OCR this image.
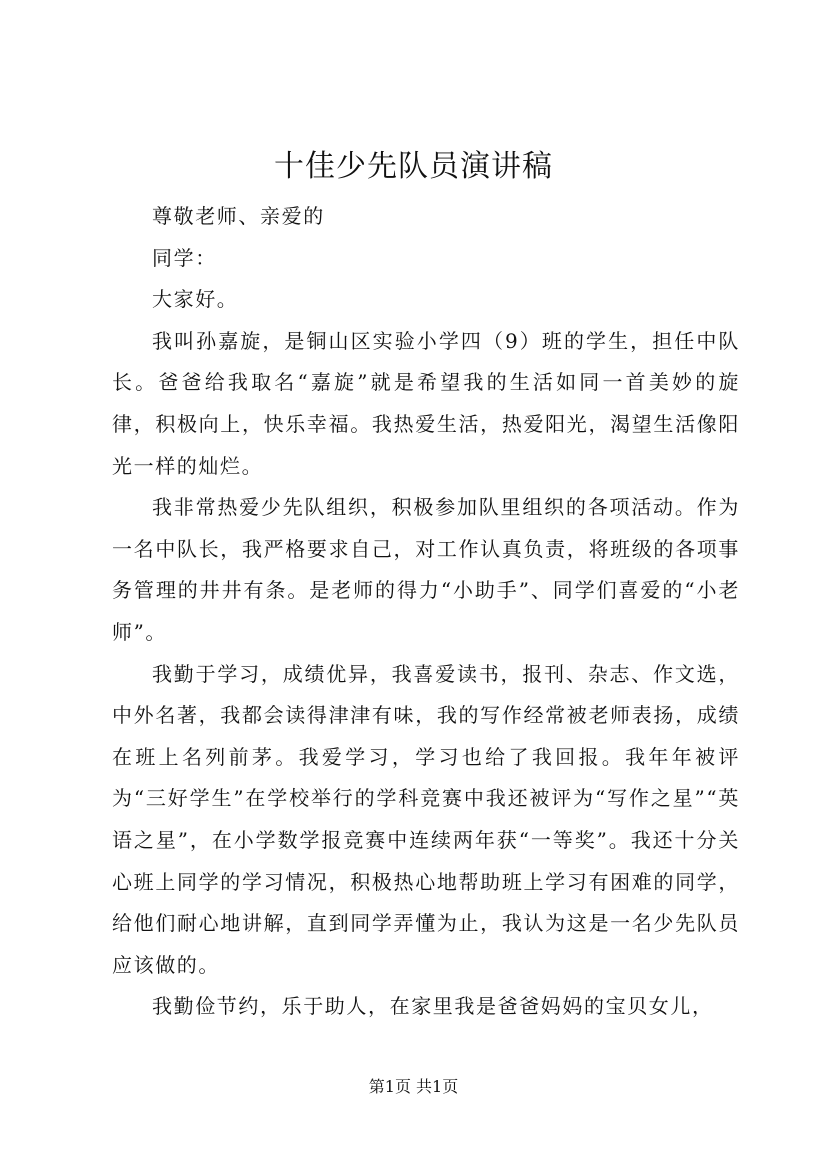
十佳少先队员演讲稿

尊敬老师、亲爱的

同学：

大家好。

我叫孙嘉旋，是铜山区实验小学四（9）班的学生，担任中队长。爸爸给我取名“嘉旋”就是希望我的生活如同一首美妙的旋律，积极向上，快乐幸福。我热爱生活，热爱阳光，渴望生活像阳光一样的灿烂。

我非常热爱少先队组织，积极参加队里组织的各项活动。作为一名中队长，我严格要求自己，对工作认真负责，将班级的各项事务管理的井井有条。是老师的得力“小助手”、同学们喜爱的“小老师”。

我勤于学习，成绩优异，我喜爱读书，报刊、杂志、作文选，中外名著，我都会读得津津有味，我的写作经常被老师表扬，成绩在班上名列前茅。我爱学习，学习也给了我回报。我年年被评为“三好学生”在学校举行的学科竞赛中我还被评为“写作之星”“英语之星”，在小学数学报竞赛中连续两年获“一等奖”。我还十分关心班上同学的学习情况，积极热心地帮助班上学习有困难的同学，给他们耐心地讲解，直到同学弄懂为止，我认为这是一名少先队员应该做的。

我勤俭节约，乐于助人，在家里我是爸爸妈妈的宝贝女儿，

第1页 共1页
